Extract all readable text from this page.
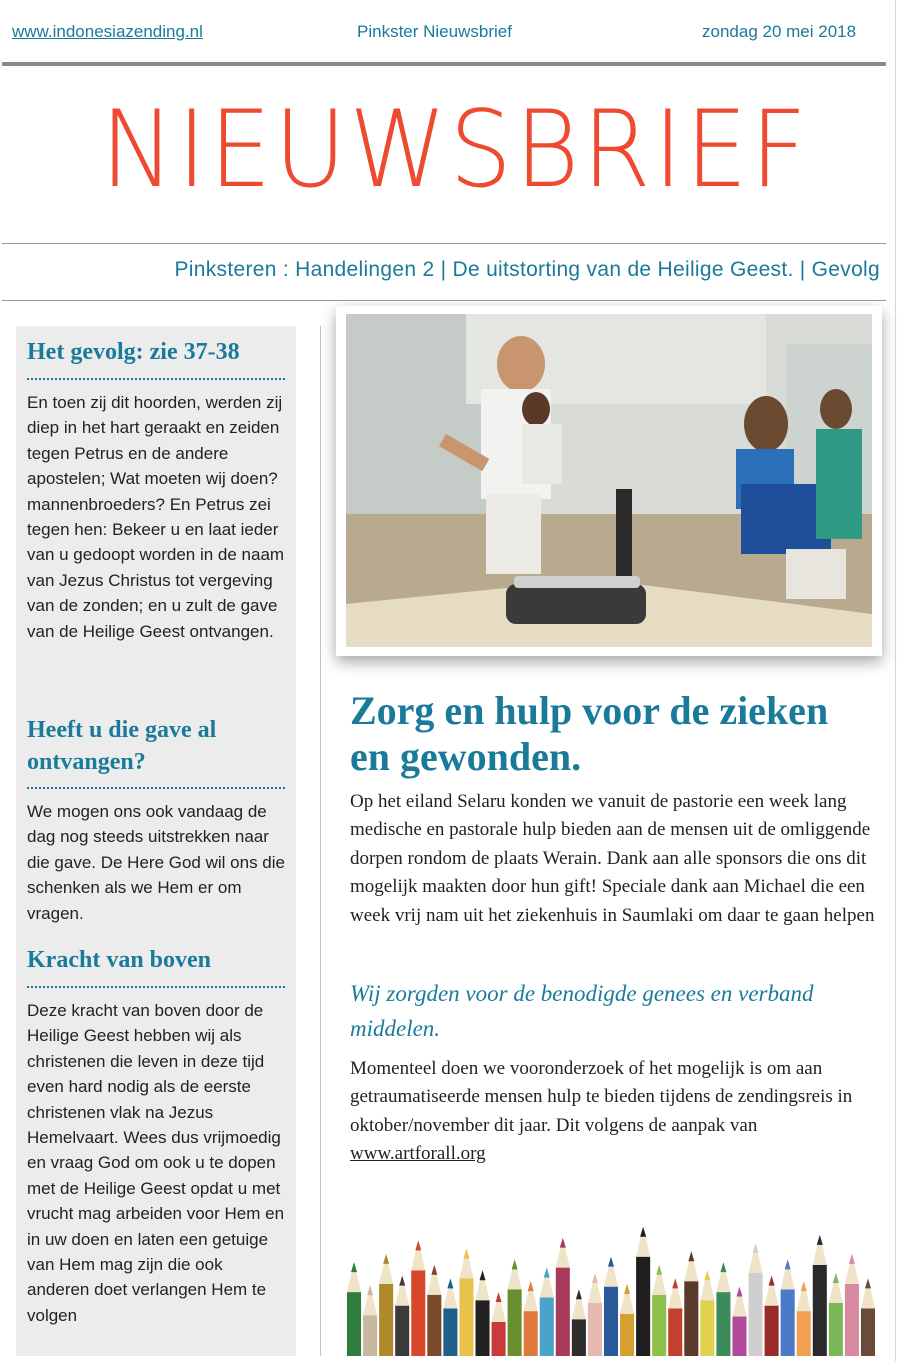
www.indonesiazending.nl	Pinkster Nieuwsbrief	zondag 20 mei 2018
NIEUWSBRIEF
Pinksteren : Handelingen 2 | De uitstorting van de Heilige Geest. | Gevolg
Het gevolg: zie 37-38
En toen zij dit hoorden, werden zij diep in het hart geraakt en zeiden tegen Petrus en de andere apostelen; Wat moeten wij doen? mannenbroeders? En Petrus zei tegen hen: Bekeer u en laat ieder van u gedoopt worden in de naam van Jezus Christus tot vergeving van de zonden; en u zult de gave van de Heilige Geest ontvangen.
Heeft u die gave al ontvangen?
We mogen ons ook vandaag de dag nog steeds uitstrekken naar die gave. De Here God wil ons die schenken als we Hem er om vragen.
Kracht van boven
Deze kracht van boven door de Heilige Geest hebben wij als christenen die leven in deze tijd even hard nodig als de eerste christenen vlak na Jezus Hemelvaart. Wees dus vrijmoedig en vraag God om ook u te dopen met de Heilige Geest opdat u met vrucht mag arbeiden voor Hem en in uw doen en laten een getuige van Hem mag zijn die ook anderen doet verlangen Hem te volgen
Zorg en hulp voor de zieken en gewonden.
Op het eiland Selaru konden we vanuit de pastorie een week lang medische en pastorale hulp bieden aan de mensen uit de omliggende dorpen rondom de plaats Werain. Dank aan alle sponsors die ons dit mogelijk maakten door hun gift! Speciale dank aan Michael die een week vrij nam uit het ziekenhuis in Saumlaki om daar te gaan helpen
Wij zorgden voor de benodigde genees en verband middelen.
Momenteel doen we vooronderzoek of het mogelijk is om aan getraumatiseerde mensen hulp te bieden tijdens de zendingsreis in oktober/november dit jaar. Dit volgens de aanpak van www.artforall.org
